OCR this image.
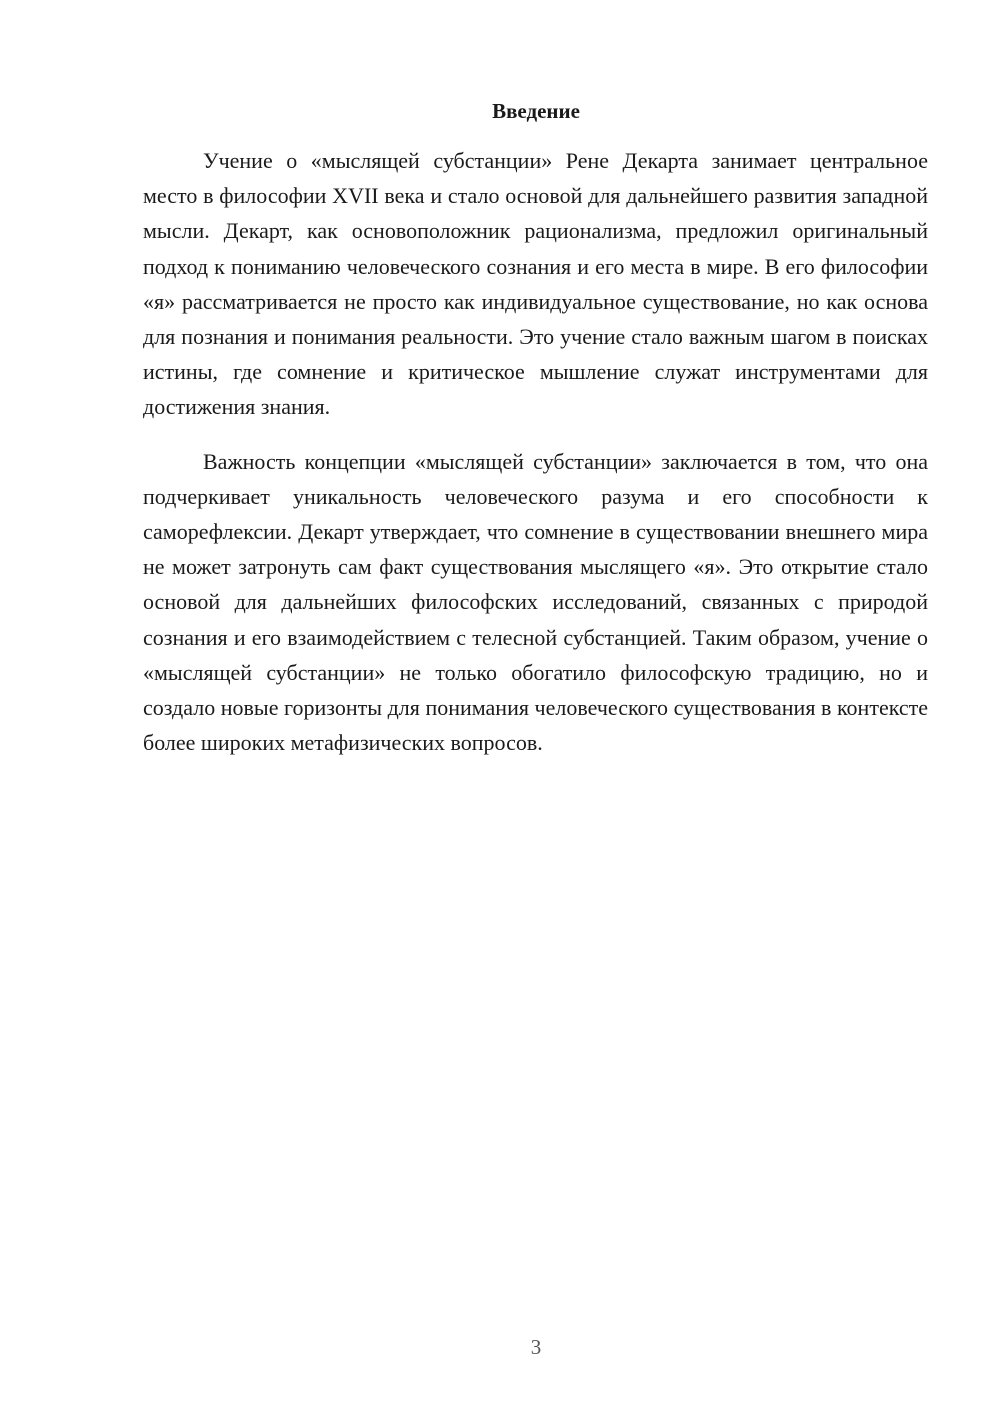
Введение

Учение о «мыслящей субстанции» Рене Декарта занимает центральное место в философии XVII века и стало основой для дальнейшего развития западной мысли. Декарт, как основоположник рационализма, предложил оригинальный подход к пониманию человеческого сознания и его места в мире. В его философии «я» рассматривается не просто как индивидуальное существование, но как основа для познания и понимания реальности. Это учение стало важным шагом в поисках истины, где сомнение и критическое мышление служат инструментами для достижения знания.

Важность концепции «мыслящей субстанции» заключается в том, что она подчеркивает уникальность человеческого разума и его способности к саморефлексии. Декарт утверждает, что сомнение в существовании внешнего мира не может затронуть сам факт существования мыслящего «я». Это открытие стало основой для дальнейших философских исследований, связанных с природой сознания и его взаимодействием с телесной субстанцией. Таким образом, учение о «мыслящей субстанции» не только обогатило философскую традицию, но и создало новые горизонты для понимания человеческого существования в контексте более широких метафизических вопросов.

3
